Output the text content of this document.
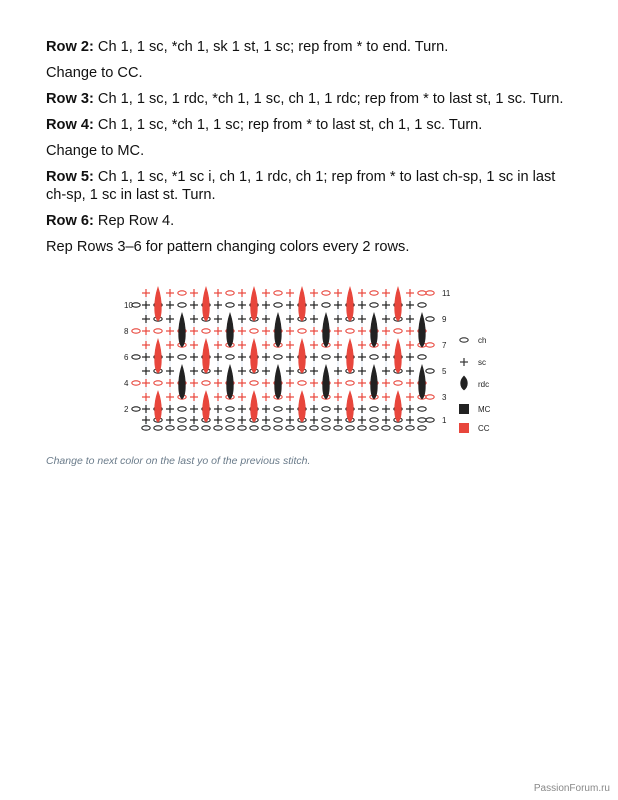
Row 2: Ch 1, 1 sc, *ch 1, sk 1 st, 1 sc; rep from * to end. Turn.

Change to CC.

Row 3: Ch 1, 1 sc, 1 rdc, *ch 1, 1 sc, ch 1, 1 rdc; rep from * to last st, 1 sc. Turn.

Row 4: Ch 1, 1 sc, *ch 1, 1 sc; rep from * to last st, ch 1, 1 sc. Turn.

Change to MC.

Row 5: Ch 1, 1 sc, *1 sc i, ch 1, 1 rdc, ch 1; rep from * to last ch-sp, 1 sc in last ch-sp, 1 sc in last st. Turn.

Row 6: Rep Row 4.

Rep Rows 3–6 for pattern changing colors every 2 rows.

10
8
6
4
2
11
9
7
5
3
1
ch
sc
rdc
MC
CC
Change to next color on the last yo of the previous stitch.
PassionForum.ru
